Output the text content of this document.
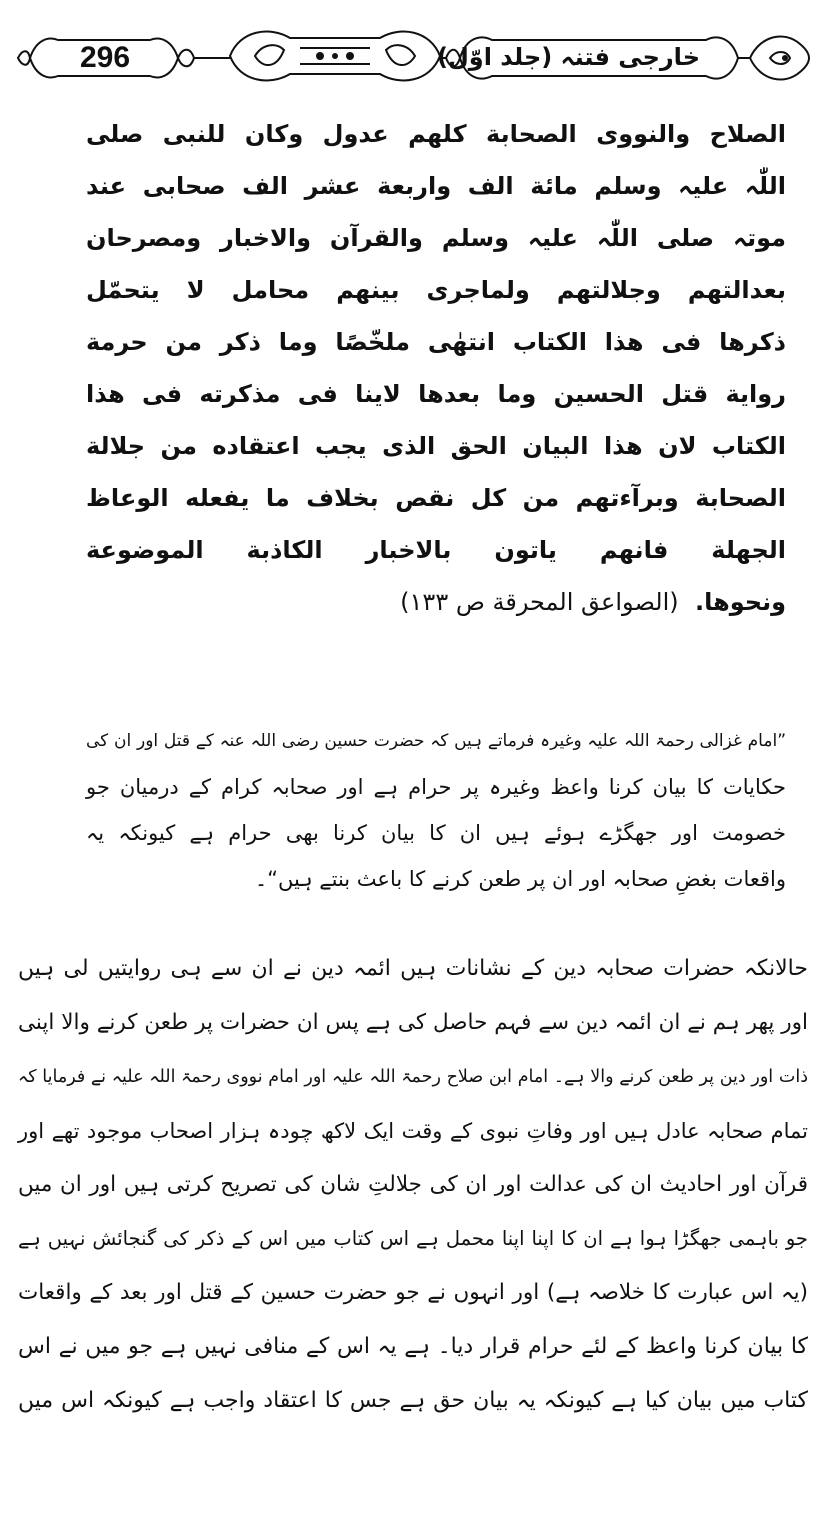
296	خارجی فتنہ (جلد اوّل)
الصلاح والنووی الصحابة کلھم عدول وکان للنبی صلی
اللّٰہ علیہ وسلم مائة الف واربعة عشر الف صحابی عند
موتہ صلی اللّٰہ علیہ وسلم والقرآن والاخبار ومصرحان
بعدالتھم وجلالتھم ولماجری بینھم محامل لا یتحمّل
ذکرھا فی ھذا الکتاب انتھٰی ملخّصًا وما ذکر من حرمة
روایة قتل الحسین وما بعدھا لاینا فی مذکرته فی ھذا
الکتاب لان ھذا البیان الحق الذی یجب اعتقاده من جلالة
الصحابة وبرآءتھم من کل نقص بخلاف ما یفعله الوعاظ
الجھلة فانھم یاتون بالاخبار الکاذبة الموضوعة
ونحوھا. (الصواعق المحرقة ص ۱۳۳)
”امام غزالی رحمۃ اللہ علیہ وغیرہ فرماتے ہیں کہ حضرت حسین رضی اللہ عنہ کے قتل اور ان کی
حکایات کا بیان کرنا واعظ وغیرہ پر حرام ہے اور صحابہ کرام کے درمیان جو
خصومت اور جھگڑے ہوئے ہیں ان کا بیان کرنا بھی حرام ہے کیونکہ یہ
واقعات بغضِ صحابہ اور ان پر طعن کرنے کا باعث بنتے ہیں“۔
حالانکہ حضرات صحابہ دین کے نشانات ہیں ائمہ دین نے ان سے ہی روایتیں لی ہیں
اور پھر ہم نے ان ائمہ دین سے فہم حاصل کی ہے پس ان حضرات پر طعن کرنے والا اپنی
ذات اور دین پر طعن کرنے والا ہے۔ امام ابن صلاح رحمۃ اللہ علیہ اور امام نووی رحمۃ اللہ علیہ نے فرمایا کہ
تمام صحابہ عادل ہیں اور وفاتِ نبوی کے وقت ایک لاکھ چودہ ہزار اصحاب موجود تھے اور
قرآن اور احادیث ان کی عدالت اور ان کی جلالتِ شان کی تصریح کرتی ہیں اور ان میں
جو باہمی جھگڑا ہوا ہے ان کا اپنا اپنا محمل ہے اس کتاب میں اس کے ذکر کی گنجائش نہیں ہے
(یہ اس عبارت کا خلاصہ ہے) اور انہوں نے جو حضرت حسین کے قتل اور بعد کے واقعات
کا بیان کرنا واعظ کے لئے حرام قرار دیا۔ ہے یہ اس کے منافی نہیں ہے جو میں نے اس
کتاب میں بیان کیا ہے کیونکہ یہ بیان حق ہے جس کا اعتقاد واجب ہے کیونکہ اس میں
